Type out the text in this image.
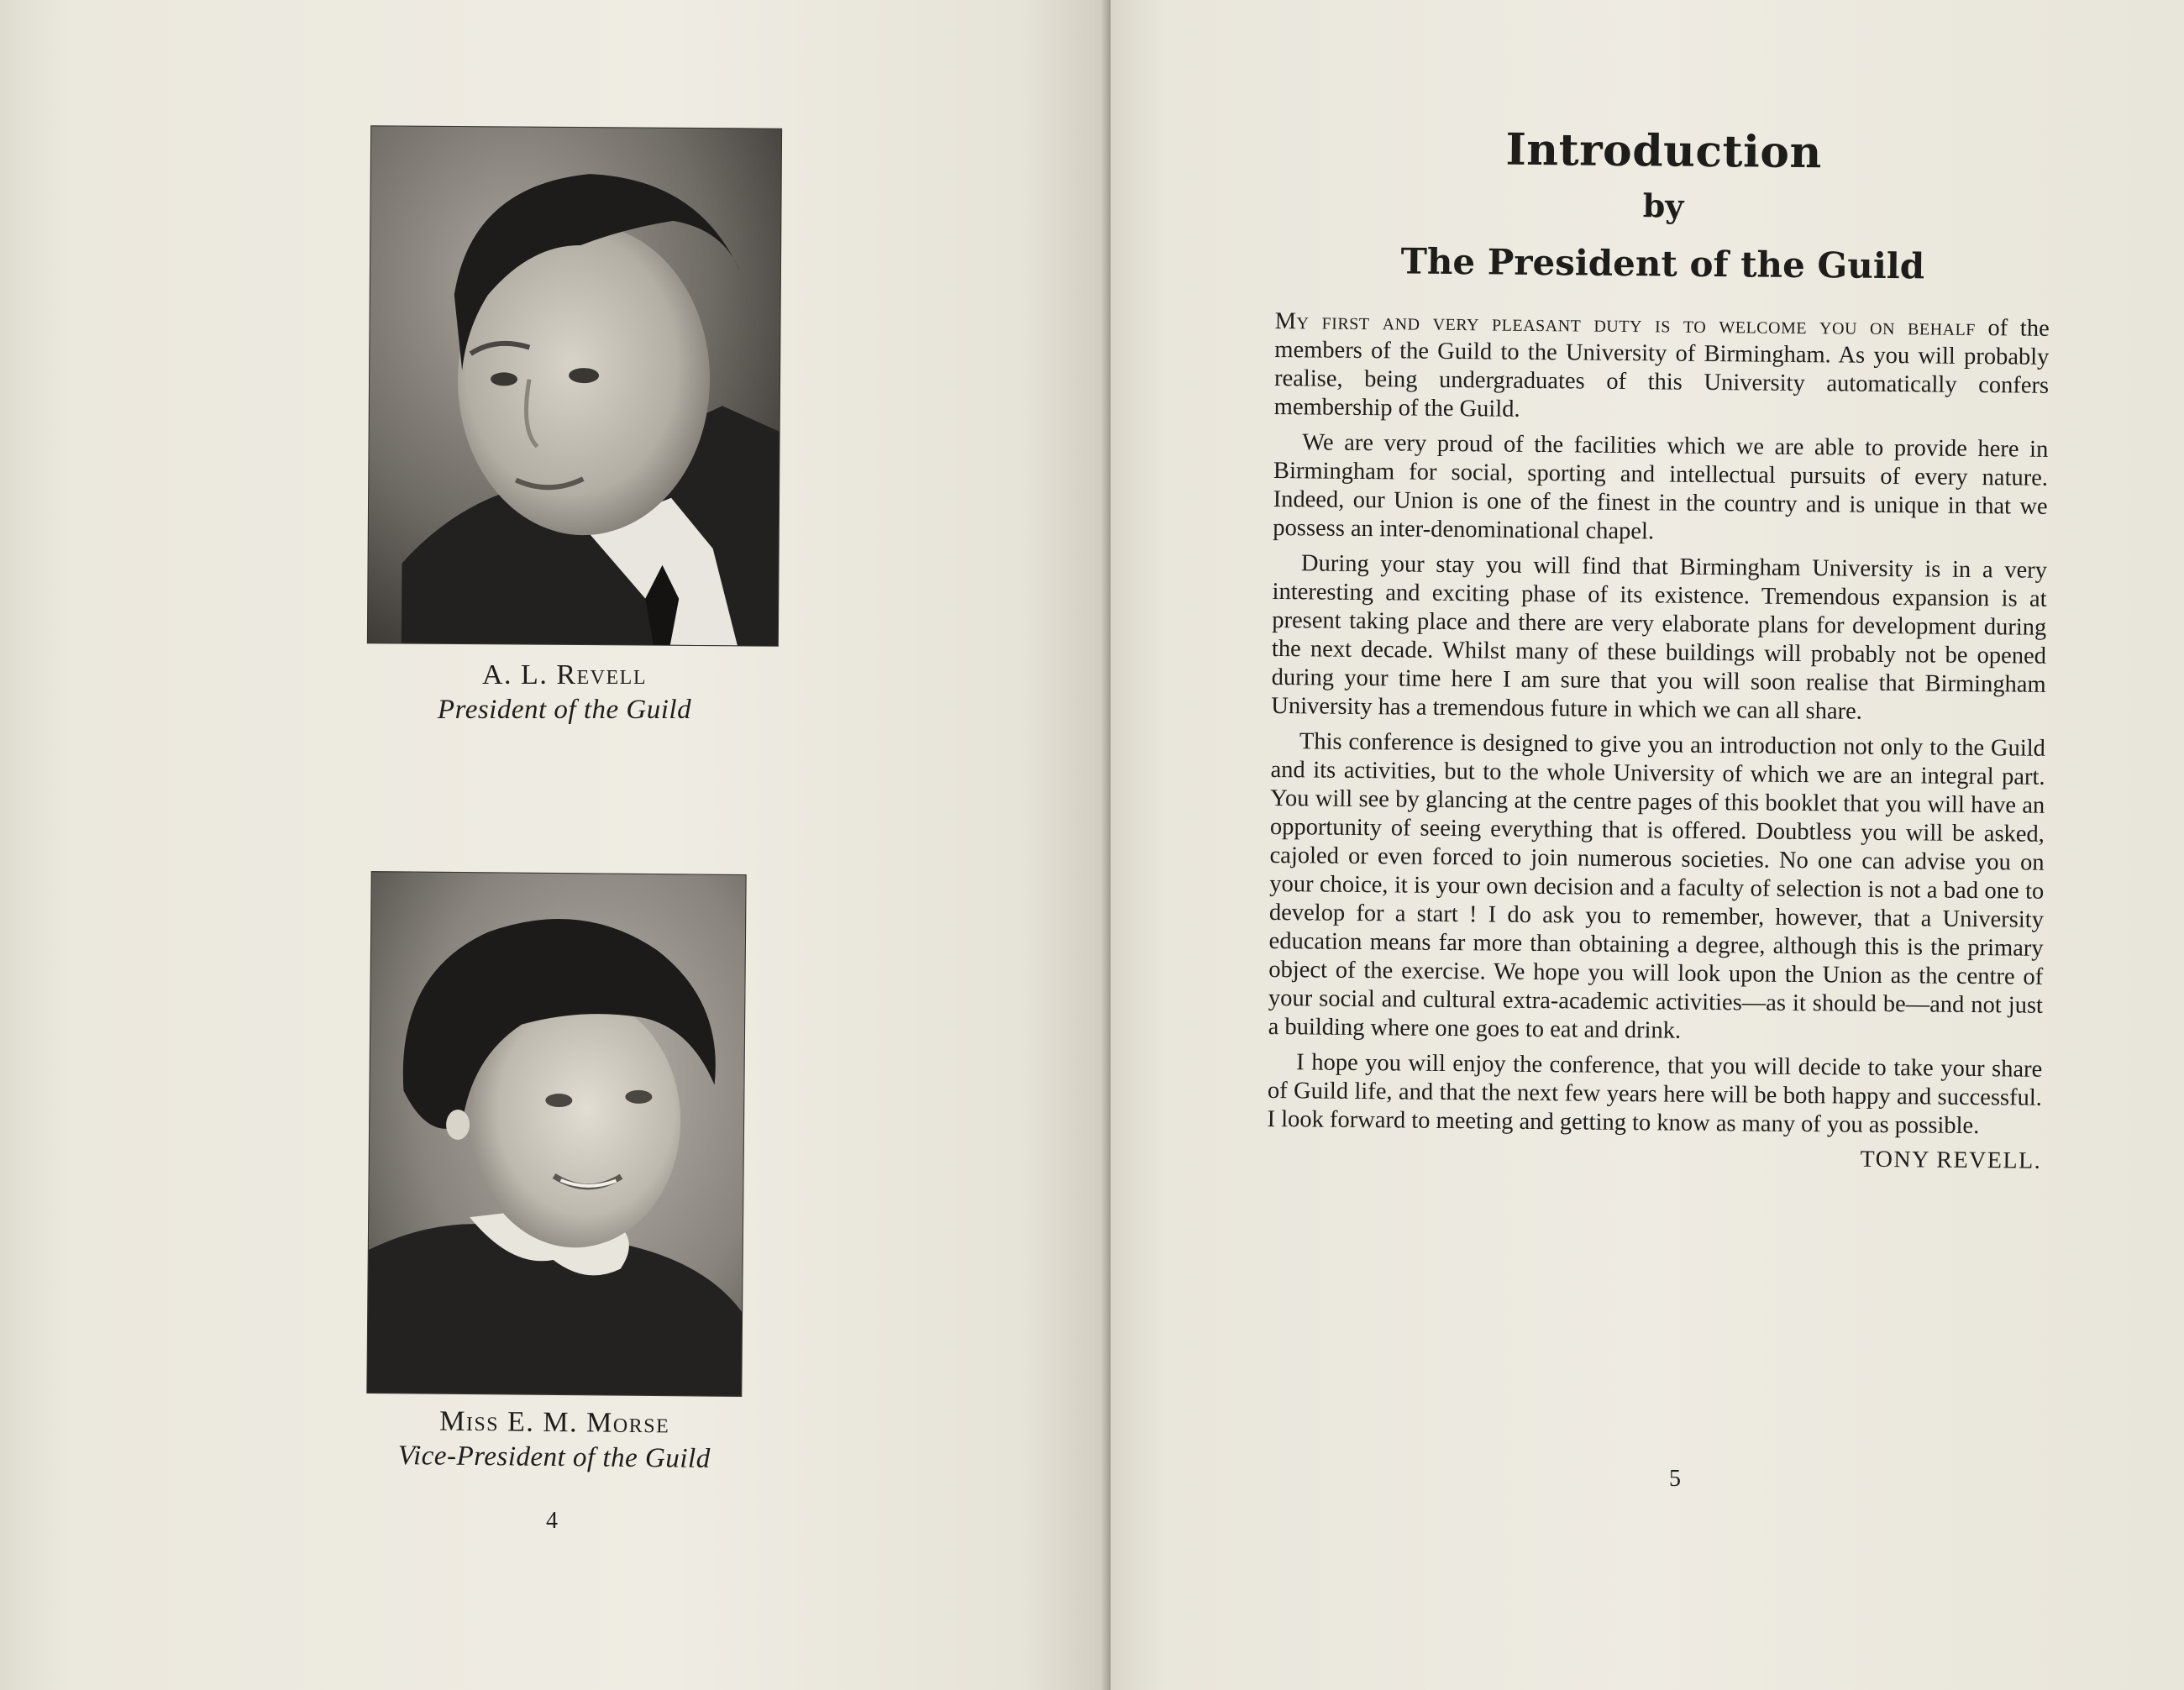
A. L. Revell
President of the Guild
Miss E. M. Morse
Vice-President of the Guild
4
Introduction
by
The President of the Guild

My first and very pleasant duty is to welcome you on behalf of the members of the Guild to the University of Birmingham. As you will probably realise, being undergraduates of this University automatically confers membership of the Guild.

We are very proud of the facilities which we are able to provide here in Birmingham for social, sporting and intellectual pursuits of every nature. Indeed, our Union is one of the finest in the country and is unique in that we possess an inter-denominational chapel.

During your stay you will find that Birmingham University is in a very interesting and exciting phase of its existence. Tremendous expansion is at present taking place and there are very elaborate plans for development during the next decade. Whilst many of these buildings will probably not be opened during your time here I am sure that you will soon realise that Birmingham University has a tremendous future in which we can all share.

This conference is designed to give you an introduction not only to the Guild and its activities, but to the whole University of which we are an integral part. You will see by glancing at the centre pages of this booklet that you will have an opportunity of seeing everything that is offered. Doubtless you will be asked, cajoled or even forced to join numerous societies. No one can advise you on your choice, it is your own decision and a faculty of selection is not a bad one to develop for a start ! I do ask you to remember, however, that a University education means far more than obtaining a degree, although this is the primary object of the exercise. We hope you will look upon the Union as the centre of your social and cultural extra-academic activities—as it should be—and not just a building where one goes to eat and drink.

I hope you will enjoy the conference, that you will decide to take your share of Guild life, and that the next few years here will be both happy and successful. I look forward to meeting and getting to know as many of you as possible.

TONY REVELL.
5
